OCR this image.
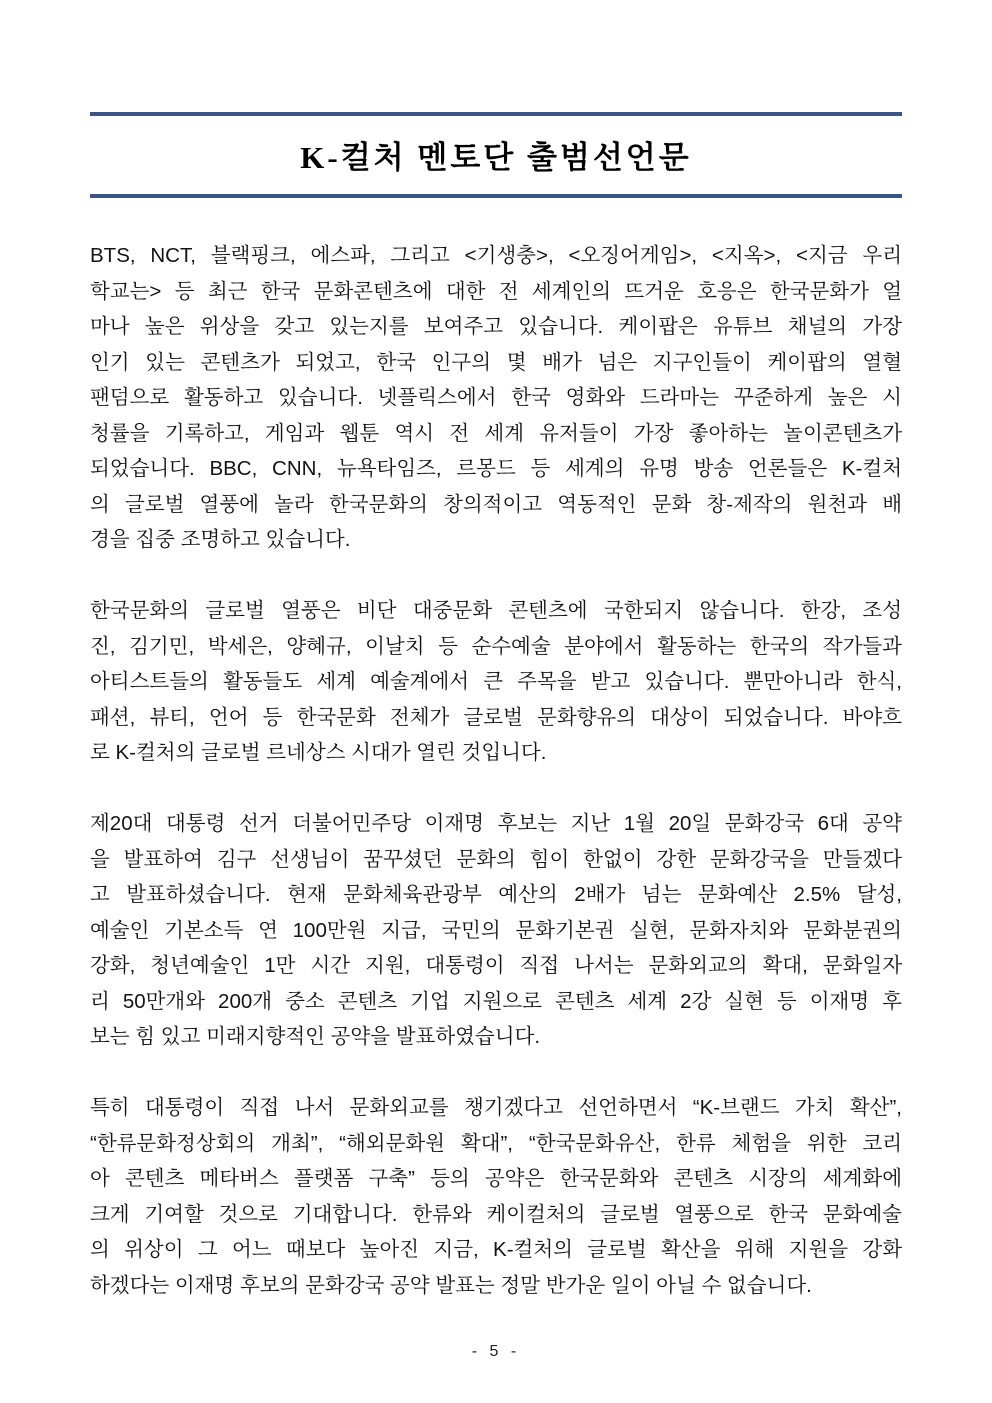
K-컬처 멘토단 출범선언문
BTS, NCT, 블랙핑크, 에스파, 그리고 <기생충>, <오징어게임>, <지옥>, <지금 우리
학교는> 등 최근 한국 문화콘텐츠에 대한 전 세계인의 뜨거운 호응은 한국문화가 얼
마나 높은 위상을 갖고 있는지를 보여주고 있습니다. 케이팝은 유튜브 채널의 가장
인기 있는 콘텐츠가 되었고, 한국 인구의 몇 배가 넘은 지구인들이 케이팝의 열혈
팬덤으로 활동하고 있습니다. 넷플릭스에서 한국 영화와 드라마는 꾸준하게 높은 시
청률을 기록하고, 게임과 웹툰 역시 전 세계 유저들이 가장 좋아하는 놀이콘텐츠가
되었습니다. BBC, CNN, 뉴욕타임즈, 르몽드 등 세계의 유명 방송 언론들은 K-컬처
의 글로벌 열풍에 놀라 한국문화의 창의적이고 역동적인 문화 창-제작의 원천과 배
경을 집중 조명하고 있습니다.
한국문화의 글로벌 열풍은 비단 대중문화 콘텐츠에 국한되지 않습니다. 한강, 조성
진, 김기민, 박세은, 양혜규, 이날치 등 순수예술 분야에서 활동하는 한국의 작가들과
아티스트들의 활동들도 세계 예술계에서 큰 주목을 받고 있습니다. 뿐만아니라 한식,
패션, 뷰티, 언어 등 한국문화 전체가 글로벌 문화향유의 대상이 되었습니다. 바야흐
로 K-컬처의 글로벌 르네상스 시대가 열린 것입니다.
제20대 대통령 선거 더불어민주당 이재명 후보는 지난 1월 20일 문화강국 6대 공약
을 발표하여 김구 선생님이 꿈꾸셨던 문화의 힘이 한없이 강한 문화강국을 만들겠다
고 발표하셨습니다. 현재 문화체육관광부 예산의 2배가 넘는 문화예산 2.5% 달성,
예술인 기본소득 연 100만원 지급, 국민의 문화기본권 실현, 문화자치와 문화분권의
강화, 청년예술인 1만 시간 지원, 대통령이 직접 나서는 문화외교의 확대, 문화일자
리 50만개와 200개 중소 콘텐츠 기업 지원으로 콘텐츠 세계 2강 실현 등 이재명 후
보는 힘 있고 미래지향적인 공약을 발표하였습니다.
특히 대통령이 직접 나서 문화외교를 챙기겠다고 선언하면서 “K-브랜드 가치 확산”,
“한류문화정상회의 개최”, “해외문화원 확대”, “한국문화유산, 한류 체험을 위한 코리
아 콘텐츠 메타버스 플랫폼 구축” 등의 공약은 한국문화와 콘텐츠 시장의 세계화에
크게 기여할 것으로 기대합니다. 한류와 케이컬처의 글로벌 열풍으로 한국 문화예술
의 위상이 그 어느 때보다 높아진 지금, K-컬처의 글로벌 확산을 위해 지원을 강화
하겠다는 이재명 후보의 문화강국 공약 발표는 정말 반가운 일이 아닐 수 없습니다.
- 5 -
